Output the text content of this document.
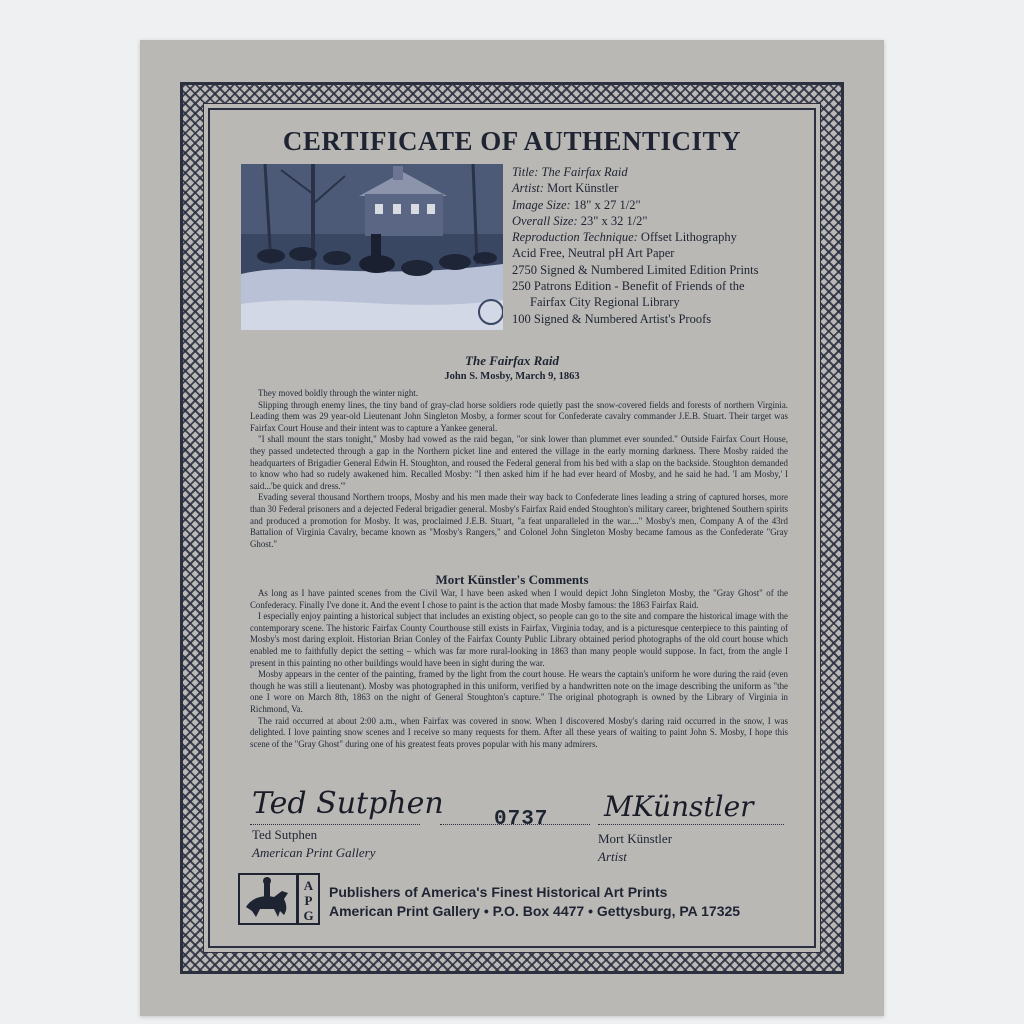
CERTIFICATE OF AUTHENTICITY
Title: The Fairfax Raid
Artist: Mort Künstler
Image Size: 18" x 27 1/2"
Overall Size: 23" x 32 1/2"
Reproduction Technique: Offset Lithography
Acid Free, Neutral pH Art Paper
2750 Signed & Numbered Limited Edition Prints
250 Patrons Edition - Benefit of Friends of the
Fairfax City Regional Library
100 Signed & Numbered Artist's Proofs
The Fairfax Raid
John S. Mosby, March 9, 1863

They moved boldly through the winter night.

Slipping through enemy lines, the tiny band of gray-clad horse soldiers rode quietly past the snow-covered fields and forests of northern Virginia. Leading them was 29 year-old Lieutenant John Singleton Mosby, a former scout for Confederate cavalry commander J.E.B. Stuart. Their target was Fairfax Court House and their intent was to capture a Yankee general.

"I shall mount the stars tonight," Mosby had vowed as the raid began, "or sink lower than plummet ever sounded." Outside Fairfax Court House, they passed undetected through a gap in the Northern picket line and entered the village in the early morning darkness. There Mosby raided the headquarters of Brigadier General Edwin H. Stoughton, and roused the Federal general from his bed with a slap on the backside. Stoughton demanded to know who had so rudely awakened him. Recalled Mosby: "I then asked him if he had ever heard of Mosby, and he said he had. 'I am Mosby,' I said...'be quick and dress.'"

Evading several thousand Northern troops, Mosby and his men made their way back to Confederate lines leading a string of captured horses, more than 30 Federal prisoners and a dejected Federal brigadier general. Mosby's Fairfax Raid ended Stoughton's military career, brightened Southern spirits and produced a promotion for Mosby. It was, proclaimed J.E.B. Stuart, "a feat unparalleled in the war...." Mosby's men, Company A of the 43rd Battalion of Virginia Cavalry, became known as "Mosby's Rangers," and Colonel John Singleton Mosby became famous as the Confederate "Gray Ghost."

Mort Künstler's Comments

As long as I have painted scenes from the Civil War, I have been asked when I would depict John Singleton Mosby, the "Gray Ghost" of the Confederacy. Finally I've done it. And the event I chose to paint is the action that made Mosby famous: the 1863 Fairfax Raid.

I especially enjoy painting a historical subject that includes an existing object, so people can go to the site and compare the historical image with the contemporary scene. The historic Fairfax County Courthouse still exists in Fairfax, Virginia today, and is a picturesque centerpiece to this painting of Mosby's most daring exploit. Historian Brian Conley of the Fairfax County Public Library obtained period photographs of the old court house which enabled me to faithfully depict the setting – which was far more rural-looking in 1863 than many people would suppose. In fact, from the angle I present in this painting no other buildings would have been in sight during the war.

Mosby appears in the center of the painting, framed by the light from the court house. He wears the captain's uniform he wore during the raid (even though he was still a lieutenant). Mosby was photographed in this uniform, verified by a handwritten note on the image describing the uniform as "the one I wore on March 8th, 1863 on the night of General Stoughton's capture." The original photograph is owned by the Library of Virginia in Richmond, Va.

The raid occurred at about 2:00 a.m., when Fairfax was covered in snow. When I discovered Mosby's daring raid occurred in the snow, I was delighted. I love painting snow scenes and I receive so many requests for them. After all these years of waiting to paint John S. Mosby, I hope this scene of the "Gray Ghost" during one of his greatest feats proves popular with his many admirers.

Ted Sutphen
Ted Sutphen
American Print Gallery
0737 MKünstler
Mort Künstler
Artist
A
P
G
Publishers of America's Finest Historical Art Prints
American Print Gallery • P.O. Box 4477 • Gettysburg, PA 17325
